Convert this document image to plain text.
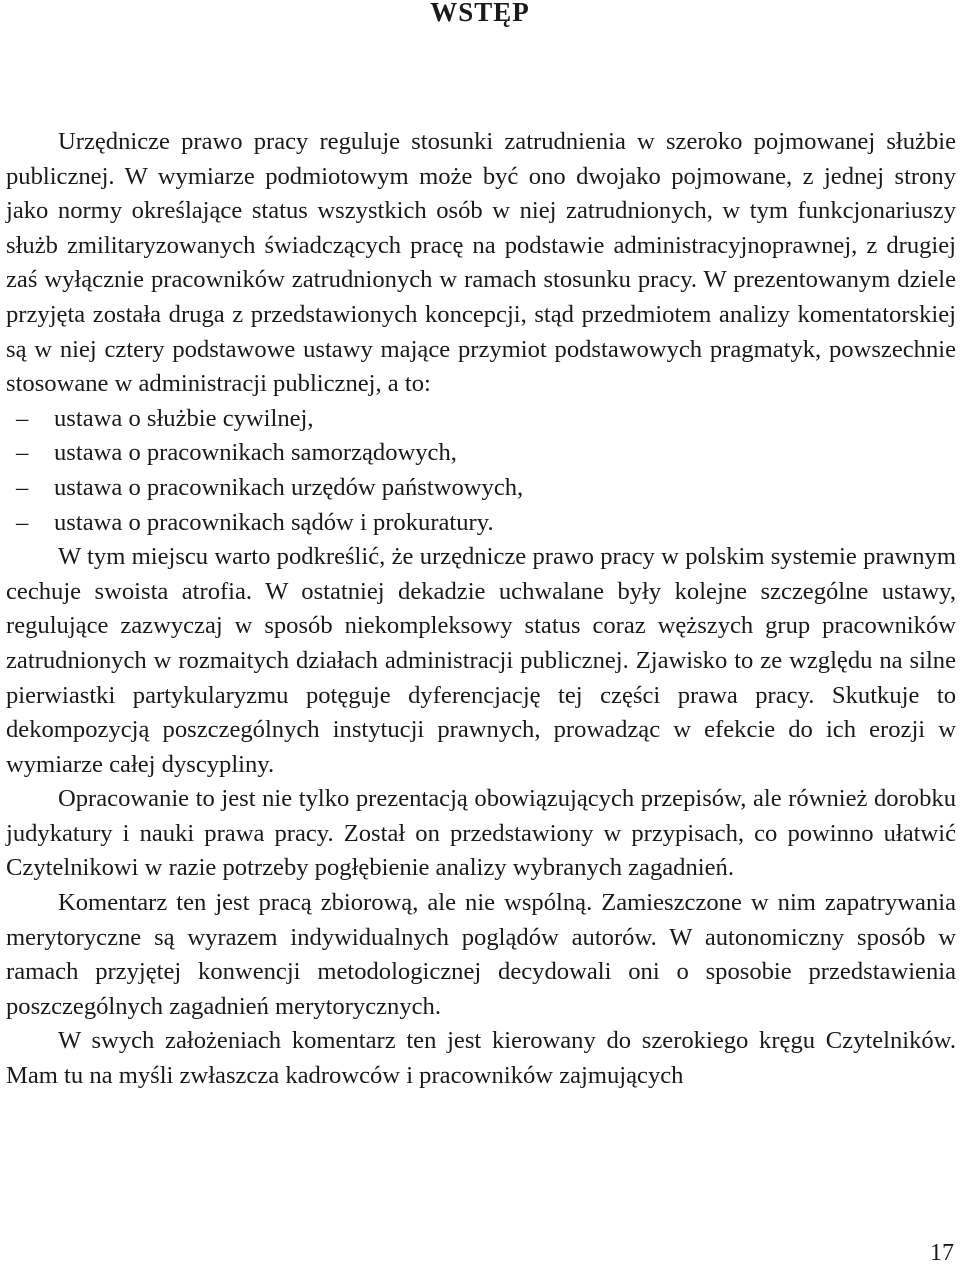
WSTĘP

Urzędnicze prawo pracy reguluje stosunki zatrudnienia w szeroko pojmowanej służbie publicznej. W wymiarze podmiotowym może być ono dwojako pojmowane, z jednej strony jako normy określające status wszystkich osób w niej zatrudnionych, w tym funkcjonariuszy służb zmilitaryzowanych świadczących pracę na podstawie administracyjnoprawnej, z drugiej zaś wyłącznie pracowników zatrudnionych w ramach stosunku pracy. W prezentowanym dziele przyjęta została druga z przedstawionych koncepcji, stąd przedmiotem analizy komentatorskiej są w niej cztery podstawowe ustawy mające przymiot podstawowych pragmatyk, powszechnie stosowane w administracji publicznej, a to:

– ustawa o służbie cywilnej,
– ustawa o pracownikach samorządowych,
– ustawa o pracownikach urzędów państwowych,
– ustawa o pracownikach sądów i prokuratury.

W tym miejscu warto podkreślić, że urzędnicze prawo pracy w polskim systemie prawnym cechuje swoista atrofia. W ostatniej dekadzie uchwalane były kolejne szczególne ustawy, regulujące zazwyczaj w sposób niekompleksowy status coraz węższych grup pracowników zatrudnionych w rozmaitych działach administracji publicznej. Zjawisko to ze względu na silne pierwiastki partykularyzmu potęguje dyferencjację tej części prawa pracy. Skutkuje to dekompozycją poszczególnych instytucji prawnych, prowadząc w efekcie do ich erozji w wymiarze całej dyscypliny.

Opracowanie to jest nie tylko prezentacją obowiązujących przepisów, ale również dorobku judykatury i nauki prawa pracy. Został on przedstawiony w przypisach, co powinno ułatwić Czytelnikowi w razie potrzeby pogłębienie analizy wybranych zagadnień.

Komentarz ten jest pracą zbiorową, ale nie wspólną. Zamieszczone w nim zapatrywania merytoryczne są wyrazem indywidualnych poglądów autorów. W autonomiczny sposób w ramach przyjętej konwencji metodologicznej decydowali oni o sposobie przedstawienia poszczególnych zagadnień merytorycznych.

W swych założeniach komentarz ten jest kierowany do szerokiego kręgu Czytelników. Mam tu na myśli zwłaszcza kadrowców i pracowników zajmujących

17
